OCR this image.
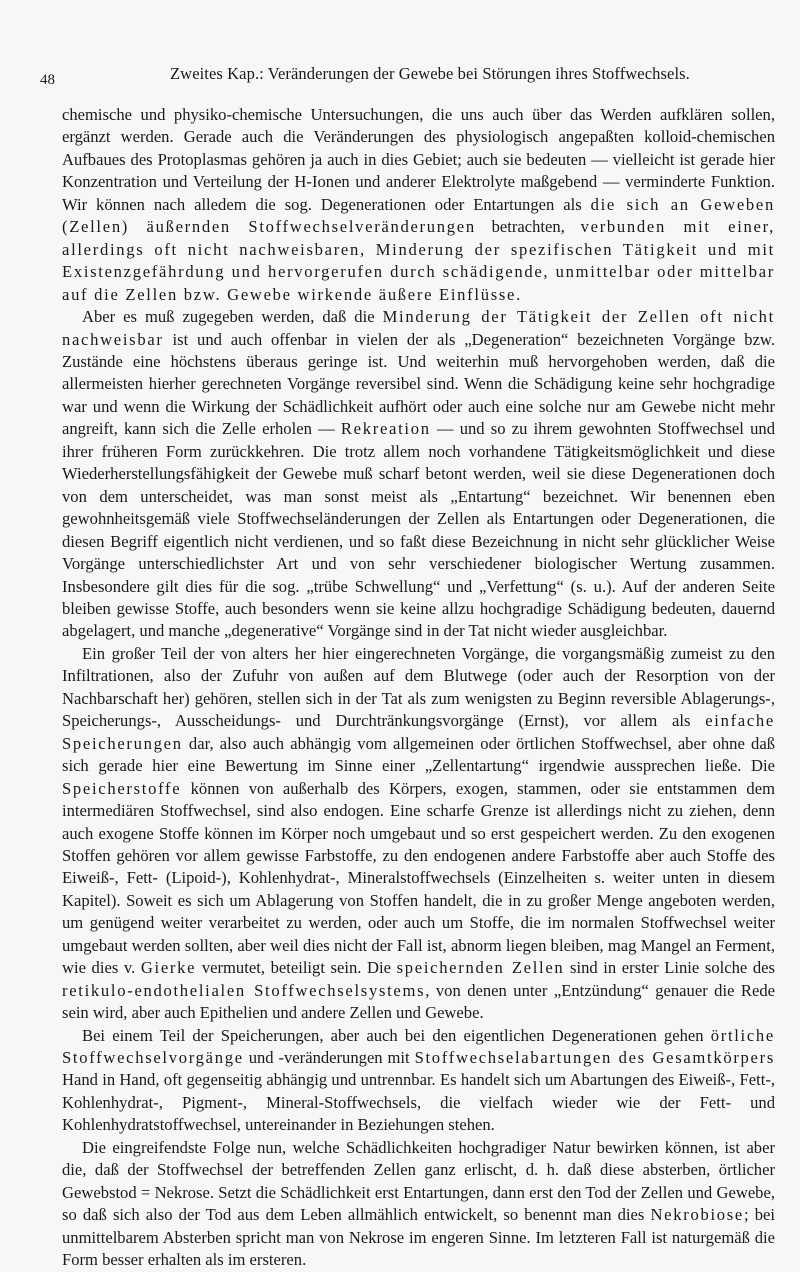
48	Zweites Kap.: Veränderungen der Gewebe bei Störungen ihres Stoffwechsels.

chemische und physiko-chemische Untersuchungen, die uns auch über das Werden aufklären sollen, ergänzt werden. Gerade auch die Veränderungen des physiologisch angepaßten kolloid-chemischen Aufbaues des Protoplasmas gehören ja auch in dies Gebiet; auch sie bedeuten — vielleicht ist gerade hier Konzentration und Verteilung der H-Ionen und anderer Elektrolyte maßgebend — verminderte Funktion. Wir können nach alledem die sog. Degenerationen oder Entartungen als die sich an Geweben (Zellen) äußernden Stoffwechselveränderungen betrachten, verbunden mit einer, allerdings oft nicht nachweisbaren, Minderung der spezifischen Tätigkeit und mit Existenzgefährdung und hervorgerufen durch schädigende, unmittelbar oder mittelbar auf die Zellen bzw. Gewebe wirkende äußere Einflüsse.

Aber es muß zugegeben werden, daß die Minderung der Tätigkeit der Zellen oft nicht nachweisbar ist und auch offenbar in vielen der als „Degeneration“ bezeichneten Vorgänge bzw. Zustände eine höchstens überaus geringe ist. Und weiterhin muß hervorgehoben werden, daß die allermeisten hierher gerechneten Vorgänge reversibel sind. Wenn die Schädigung keine sehr hochgradige war und wenn die Wirkung der Schädlichkeit aufhört oder auch eine solche nur am Gewebe nicht mehr angreift, kann sich die Zelle erholen — Rekreation — und so zu ihrem gewohnten Stoffwechsel und ihrer früheren Form zurückkehren. Die trotz allem noch vorhandene Tätigkeitsmöglichkeit und diese Wiederherstellungsfähigkeit der Gewebe muß scharf betont werden, weil sie diese Degenerationen doch von dem unterscheidet, was man sonst meist als „Entartung“ bezeichnet. Wir benennen eben gewohnheitsgemäß viele Stoffwechseländerungen der Zellen als Entartungen oder Degenerationen, die diesen Begriff eigentlich nicht verdienen, und so faßt diese Bezeichnung in nicht sehr glücklicher Weise Vorgänge unterschiedlichster Art und von sehr verschiedener biologischer Wertung zusammen. Insbesondere gilt dies für die sog. „trübe Schwellung“ und „Verfettung“ (s. u.). Auf der anderen Seite bleiben gewisse Stoffe, auch besonders wenn sie keine allzu hochgradige Schädigung bedeuten, dauernd abgelagert, und manche „degenerative“ Vorgänge sind in der Tat nicht wieder ausgleichbar.

Ein großer Teil der von alters her hier eingerechneten Vorgänge, die vorgangsmäßig zumeist zu den Infiltrationen, also der Zufuhr von außen auf dem Blutwege (oder auch der Resorption von der Nachbarschaft her) gehören, stellen sich in der Tat als zum wenigsten zu Beginn reversible Ablagerungs-, Speicherungs-, Ausscheidungs- und Durchtränkungsvorgänge (Ernst), vor allem als einfache Speicherungen dar, also auch abhängig vom allgemeinen oder örtlichen Stoffwechsel, aber ohne daß sich gerade hier eine Bewertung im Sinne einer „Zellentartung“ irgendwie aussprechen ließe. Die Speicherstoffe können von außerhalb des Körpers, exogen, stammen, oder sie entstammen dem intermediären Stoffwechsel, sind also endogen. Eine scharfe Grenze ist allerdings nicht zu ziehen, denn auch exogene Stoffe können im Körper noch umgebaut und so erst gespeichert werden. Zu den exogenen Stoffen gehören vor allem gewisse Farbstoffe, zu den endogenen andere Farbstoffe aber auch Stoffe des Eiweiß-, Fett- (Lipoid-), Kohlenhydrat-, Mineralstoffwechsels (Einzelheiten s. weiter unten in diesem Kapitel). Soweit es sich um Ablagerung von Stoffen handelt, die in zu großer Menge angeboten werden, um genügend weiter verarbeitet zu werden, oder auch um Stoffe, die im normalen Stoffwechsel weiter umgebaut werden sollten, aber weil dies nicht der Fall ist, abnorm liegen bleiben, mag Mangel an Ferment, wie dies v. Gierke vermutet, beteiligt sein. Die speichernden Zellen sind in erster Linie solche des retikulo-endothelialen Stoffwechselsystems, von denen unter „Entzündung“ genauer die Rede sein wird, aber auch Epithelien und andere Zellen und Gewebe.

Bei einem Teil der Speicherungen, aber auch bei den eigentlichen Degenerationen gehen örtliche Stoffwechselvorgänge und -veränderungen mit Stoffwechselabartungen des Gesamtkörpers Hand in Hand, oft gegenseitig abhängig und untrennbar. Es handelt sich um Abartungen des Eiweiß-, Fett-, Kohlenhydrat-, Pigment-, Mineral-Stoffwechsels, die vielfach wieder wie der Fett- und Kohlenhydratstoffwechsel, untereinander in Beziehungen stehen.

Die eingreifendste Folge nun, welche Schädlichkeiten hochgradiger Natur bewirken können, ist aber die, daß der Stoffwechsel der betreffenden Zellen ganz erlischt, d. h. daß diese absterben, örtlicher Gewebstod = Nekrose. Setzt die Schädlichkeit erst Entartungen, dann erst den Tod der Zellen und Gewebe, so daß sich also der Tod aus dem Leben allmählich entwickelt, so benennt man dies Nekrobiose; bei unmittelbarem Absterben spricht man von Nekrose im engeren Sinne. Im letzteren Fall ist naturgemäß die Form besser erhalten als im ersteren.
